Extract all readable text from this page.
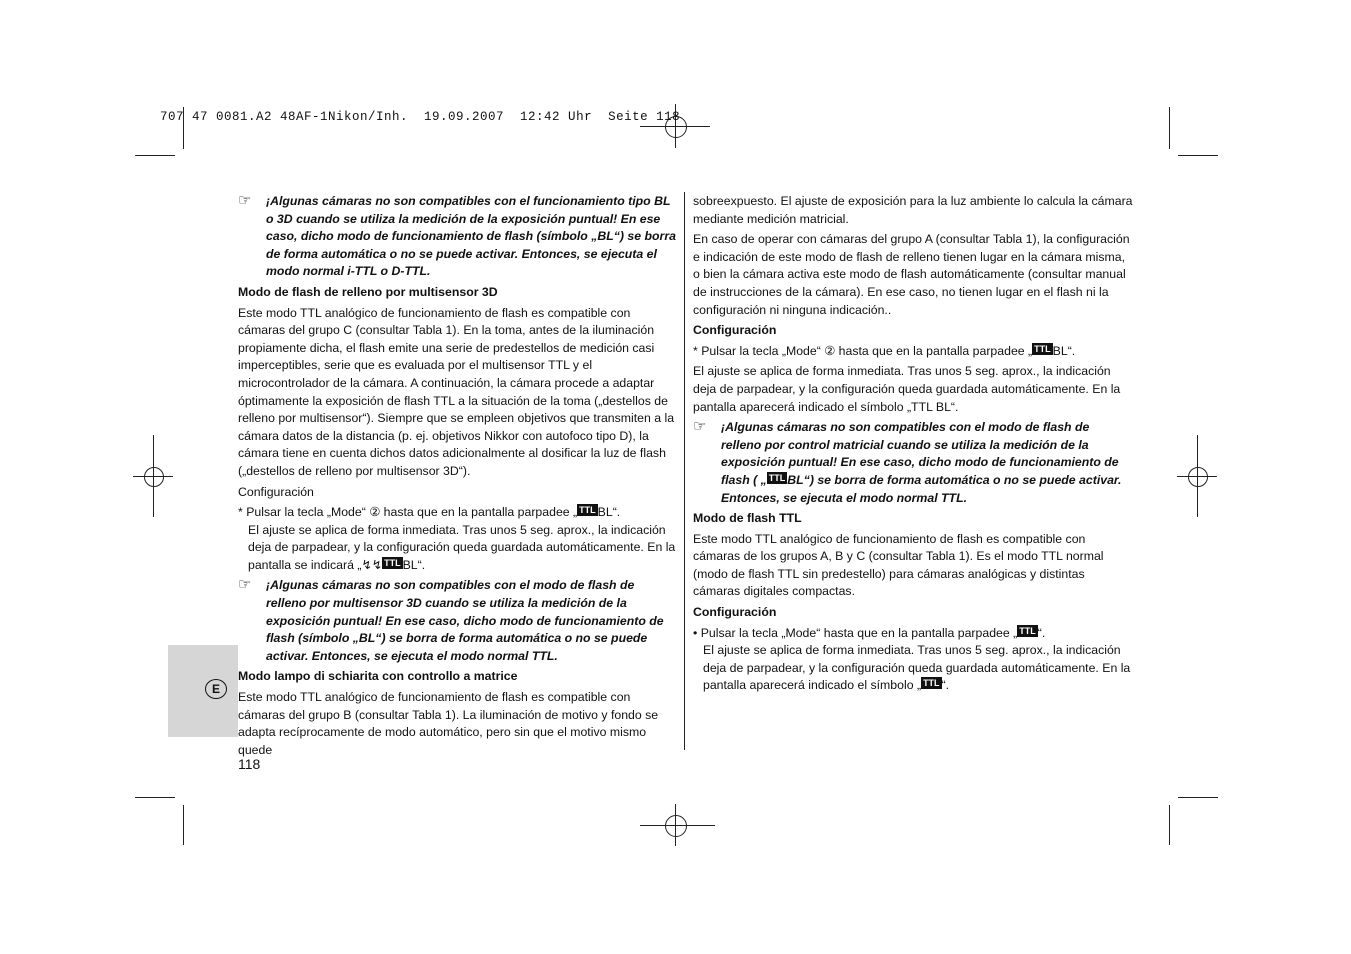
707 47 0081.A2 48AF-1Nikon/Inh.  19.09.2007  12:42 Uhr  Seite 118
E
☞ ¡Algunas cámaras no son compatibles con el funcionamiento tipo BL o 3D cuando se utiliza la medición de la exposición puntual! En ese caso, dicho modo de funcionamiento de flash (símbolo „BL“) se borra de forma automática o no se puede activar. Entonces, se ejecuta el modo normal i-TTL o D-TTL.

Modo de flash de relleno por multisensor 3D

Este modo TTL analógico de funcionamiento de flash es compatible con cámaras del grupo C (consultar Tabla 1). En la toma, antes de la iluminación propiamente dicha, el flash emite una serie de predestellos de medición casi imperceptibles, serie que es evaluada por el multisensor TTL y el microcontrolador de la cámara. A continuación, la cámara procede a adaptar óptimamente la exposición de flash TTL a la situación de la toma („destellos de relleno por multisensor“). Siempre que se empleen objetivos que transmiten a la cámara datos de la distancia (p. ej. objetivos Nikkor con autofoco tipo D), la cámara tiene en cuenta dichos datos adicionalmente al dosificar la luz de flash („destellos de relleno por multisensor 3D“).

Configuración

* Pulsar la tecla „Mode“ ② hasta que en la pantalla parpadee „ TTL BL“.

El ajuste se aplica de forma inmediata. Tras unos 5 seg. aprox., la indicación deja de parpadear, y la configuración queda guardada automáticamente. En la pantalla se indicará „↯↯ TTL BL“.

☞ ¡Algunas cámaras no son compatibles con el modo de flash de relleno por multisensor 3D cuando se utiliza la medición de la exposición puntual! En ese caso, dicho modo de funcionamiento de flash (símbolo „BL“) se borra de forma automática o no se puede activar. Entonces, se ejecuta el modo normal TTL.

Modo lampo di schiarita con controllo a matrice

Este modo TTL analógico de funcionamiento de flash es compatible con cámaras del grupo B (consultar Tabla 1). La iluminación de motivo y fondo se adapta recíprocamente de modo automático, pero sin que el motivo mismo quede

sobreexpuesto. El ajuste de exposición para la luz ambiente lo calcula la cámara mediante medición matricial.

En caso de operar con cámaras del grupo A (consultar Tabla 1), la configuración e indicación de este modo de flash de relleno tienen lugar en la cámara misma, o bien la cámara activa este modo de flash automáticamente (consultar manual de instrucciones de la cámara). En ese caso, no tienen lugar en el flash ni la configuración ni ninguna indicación..

Configuración

* Pulsar la tecla „Mode“ ② hasta que en la pantalla parpadee „ TTL BL“.

El ajuste se aplica de forma inmediata. Tras unos 5 seg. aprox., la indicación deja de parpadear, y la configuración queda guardada automáticamente. En la pantalla aparecerá indicado el símbolo „TTL BL“.

☞ ¡Algunas cámaras no son compatibles con el modo de flash de relleno por control matricial cuando se utiliza la medición de la exposición puntual! En ese caso, dicho modo de funcionamiento de flash ( „ TTL BL“) se borra de forma automática o no se puede activar. Entonces, se ejecuta el modo normal TTL.

Modo de flash TTL

Este modo TTL analógico de funcionamiento de flash es compatible con cámaras de los grupos A, B y C (consultar Tabla 1). Es el modo TTL normal (modo de flash TTL sin predestello) para cámaras analógicas y distintas cámaras digitales compactas.

Configuración

• Pulsar la tecla „Mode“ hasta que en la pantalla parpadee „ TTL “.

El ajuste se aplica de forma inmediata. Tras unos 5 seg. aprox., la indicación deja de parpadear, y la configuración queda guardada automáticamente. En la pantalla aparecerá indicado el símbolo „ TTL “.

118
